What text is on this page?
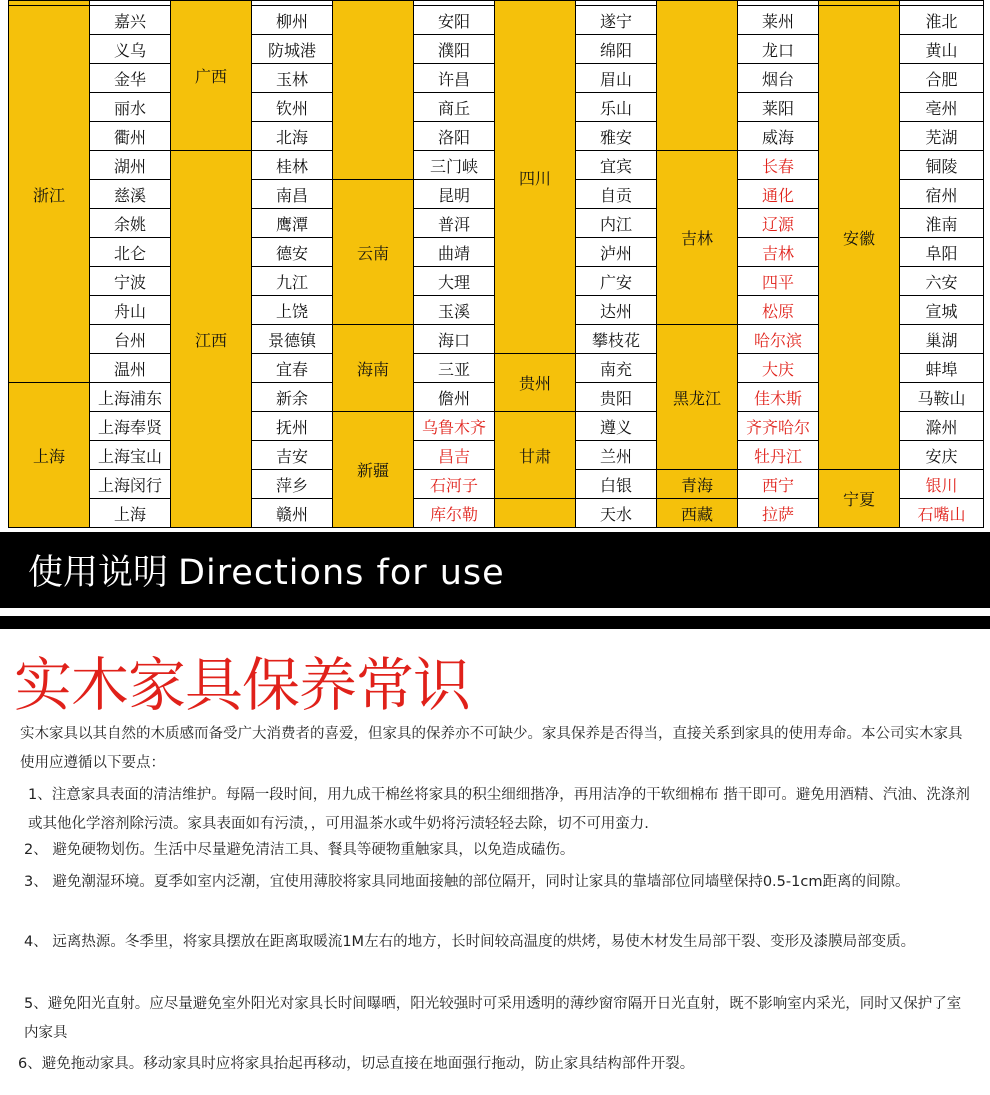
		广西				四川					
浙江	嘉兴		柳州		安阳		遂宁		莱州	安徽	淮北
	义乌		防城港		濮阳		绵阳		龙口		黄山
	金华		玉林		许昌		眉山		烟台		合肥
	丽水		钦州		商丘		乐山		莱阳		亳州
	衢州		北海		洛阳		雅安		威海		芜湖
	湖州	江西	桂林		三门峡		宜宾	吉林	长春		铜陵
	慈溪		南昌	云南	昆明		自贡		通化		宿州
	余姚		鹰潭		普洱		内江		辽源		淮南
	北仑		德安		曲靖		泸州		吉林		阜阳
	宁波		九江		大理		广安		四平		六安
	舟山		上饶		玉溪		达州		松原		宣城
	台州		景德镇	海南	海口		攀枝花	黑龙江	哈尔滨		巢湖
	温州		宜春		三亚	贵州	南充		大庆		蚌埠
上海	上海浦东		新余		儋州		贵阳		佳木斯		马鞍山
	上海奉贤		抚州	新疆	乌鲁木齐	甘肃	遵义		齐齐哈尔		滁州
	上海宝山		吉安		昌吉		兰州		牡丹江		安庆
	上海闵行		萍乡		石河子		白银	青海	西宁	宁夏	银川
	上海		赣州		库尔勒		天水	西藏	拉萨		石嘴山
使用说明 Directions for use
实木家具保养常识

实木家具以其自然的木质感而备受广大消费者的喜爱，但家具的保养亦不可缺少。家具保养是否得当，直接关系到家具的使用寿命。本公司实木家具使用应遵循以下要点：

1、注意家具表面的清洁维护。每隔一段时间，用九成干棉丝将家具的积尘细细揩净，再用洁净的干软细棉布 揩干即可。避免用酒精、汽油、洗涤剂或其他化学溶剂除污渍。家具表面如有污渍，，可用温茶水或牛奶将污渍轻轻去除，切不可用蛮力.

2、 避免硬物划伤。生活中尽量避免清洁工具、餐具等硬物重触家具，以免造成磕伤。

3、 避免潮湿环境。夏季如室内泛潮，宜使用薄胶将家具同地面接触的部位隔开，同时让家具的靠墙部位同墙壁保持0.5-1cm距离的间隙。

4、 远离热源。冬季里，将家具摆放在距离取暖流1M左右的地方，长时间较高温度的烘烤，易使木材发生局部干裂、变形及漆膜局部变质。

5、避免阳光直射。应尽量避免室外阳光对家具长时间曝晒，阳光较强时可采用透明的薄纱窗帘隔开日光直射，既不影响室内采光，同时又保护了室内家具

6、避免拖动家具。移动家具时应将家具抬起再移动，切忌直接在地面强行拖动，防止家具结构部件开裂。
